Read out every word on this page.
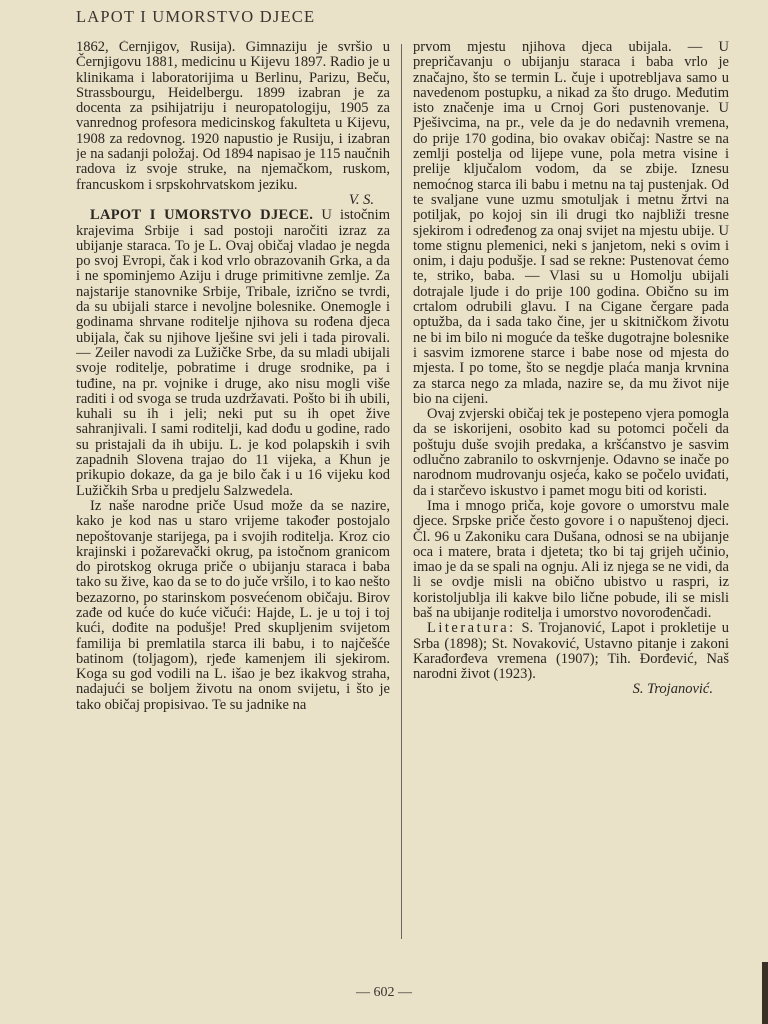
LAPOT I UMORSTVO DJECE

1862, Černjigov, Rusija). Gimnaziju je svršio u Černjigovu 1881, medicinu u Kijevu 1897. Radio je u klinikama i laboratorijima u Berlinu, Parizu, Beču, Strassbourgu, Heidelbergu. 1899 izabran je za docenta za psihijatriju i neuropatologiju, 1905 za vanrednog profesora medicinskog fakulteta u Kijevu, 1908 za redovnog. 1920 napustio je Rusiju, i izabran je na sadanji položaj. Od 1894 napisao je 115 naučnih radova iz svoje struke, na njemačkom, ruskom, francuskom i srpskohrvatskom jeziku.

V. S.

LAPOT I UMORSTVO DJECE. U istočnim krajevima Srbije i sad postoji naročiti izraz za ubijanje staraca. To je L. Ovaj običaj vladao je negda po svoj Evropi, čak i kod vrlo obrazovanih Grka, a da i ne spominjemo Aziju i druge primitivne zemlje. Za najstarije stanovnike Srbije, Tribale, izrično se tvrdi, da su ubijali starce i nevoljne bolesnike. Onemogle i godinama shrvane roditelje njihova su rođena djeca ubijala, čak su njihove lješine svi jeli i tada pirovali. — Zeiler navodi za Lužičke Srbe, da su mladi ubijali svoje roditelje, pobratime i druge srodnike, pa i tuđine, na pr. vojnike i druge, ako nisu mogli više raditi i od svoga se truda uzdržavati. Pošto bi ih ubili, kuhali su ih i jeli; neki put su ih opet žive sahranjivali. I sami roditelji, kad dođu u godine, rado su pristajali da ih ubiju. L. je kod polapskih i svih zapadnih Slovena trajao do 11 vijeka, a Khun je prikupio dokaze, da ga je bilo čak i u 16 vijeku kod Lužičkih Srba u predjelu Salzwedela.

Iz naše narodne priče Usud može da se nazire, kako je kod nas u staro vrijeme također postojalo nepoštovanje starijega, pa i svojih roditelja. Kroz cio krajinski i požarevački okrug, pa istočnom granicom do pirotskog okruga priče o ubijanju staraca i baba tako su žive, kao da se to do juče vršilo, i to kao nešto bezazorno, po starinskom posvećenom običaju. Birov zađe od kuće do kuće vičući: Hajde, L. je u toj i toj kući, dođite na podušje! Pred skupljenim svijetom familija bi premlatila starca ili babu, i to najčešće batinom (toljagom), rjeđe kamenjem ili sjekirom. Koga su god vodili na L. išao je bez ikakvog straha, nadajući se boljem životu na onom svijetu, i što je tako običaj propisivao. Te su jadnike na

prvom mjestu njihova djeca ubijala. — U prepričavanju o ubijanju staraca i baba vrlo je značajno, što se termin L. čuje i upotrebljava samo u navedenom postupku, a nikad za što drugo. Međutim isto značenje ima u Crnoj Gori pustenovanje. U Pješivcima, na pr., vele da je do nedavnih vremena, do prije 170 godina, bio ovakav običaj: Nastre se na zemlji postelja od lijepe vune, pola metra visine i prelije ključalom vodom, da se zbije. Iznesu nemoćnog starca ili babu i metnu na taj pustenjak. Od te svaljane vune uzmu smotuljak i metnu žrtvi na potiljak, po kojoj sin ili drugi tko najbliži tresne sjekirom i određenog za onaj svijet na mjestu ubije. U tome stignu plemenici, neki s janjetom, neki s ovim i onim, i daju podušje. I sad se rekne: Pustenovat ćemo te, striko, baba. — Vlasi su u Homolju ubijali dotrajale ljude i do prije 100 godina. Obično su im crtalom odrubili glavu. I na Cigane čergare pada optužba, da i sada tako čine, jer u skitničkom životu ne bi im bilo ni moguće da teške dugotrajne bolesnike i sasvim izmorene starce i babe nose od mjesta do mjesta. I po tome, što se negdje plaća manja krvnina za starca nego za mlada, nazire se, da mu život nije bio na cijeni.

Ovaj zvjerski običaj tek je postepeno vjera pomogla da se iskorijeni, osobito kad su potomci počeli da poštuju duše svojih predaka, a kršćanstvo je sasvim odlučno zabranilo to oskvrnjenje. Odavno se inače po narodnom mudrovanju osjeća, kako se počelo uviđati, da i starčevo iskustvo i pamet mogu biti od koristi.

Ima i mnogo priča, koje govore o umorstvu male djece. Srpske priče često govore i o napuštenoj djeci. Čl. 96 u Zakoniku cara Dušana, odnosi se na ubijanje oca i matere, brata i djeteta; tko bi taj grijeh učinio, imao je da se spali na ognju. Ali iz njega se ne vidi, da li se ovdje misli na obično ubistvo u raspri, iz koristoljublja ili kakve bilo lične pobude, ili se misli baš na ubijanje roditelja i umorstvo novorođenčadi.

Literatura: S. Trojanović, Lapot i prokletije u Srba (1898); St. Novaković, Ustavno pitanje i zakoni Karađorđeva vremena (1907); Tih. Đorđević, Naš narodni život (1923).

S. Trojanović.

— 602 —
